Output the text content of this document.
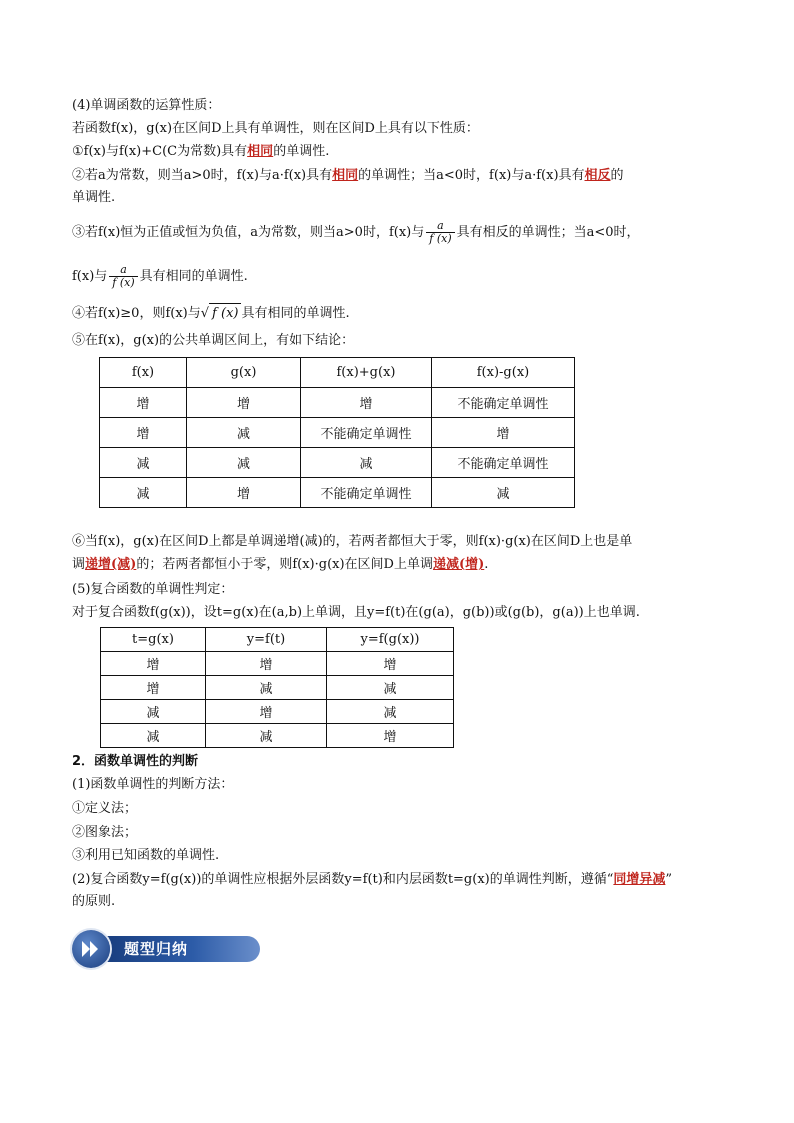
(4)单调函数的运算性质：
若函数f(x)，g(x)在区间D上具有单调性，则在区间D上具有以下性质：
①f(x)与f(x)+C(C为常数)具有相同的单调性.
②若a为常数，则当a>0时，f(x)与a·f(x)具有相同的单调性；当a<0时，f(x)与a·f(x)具有相反的
单调性.
③若f(x)恒为正值或恒为负值，a为常数，则当a>0时，f(x)与 $\frac{a}{f (x)}$ 具有相反的单调性；当a<0时，
f(x)与 $\frac{a}{f (x)}$ 具有相同的单调性.
④若f(x)≥0，则f(x)与√ f (x) 具有相同的单调性.
⑤在f(x)，g(x)的公共单调区间上，有如下结论：
f(x)	g(x)	f(x)+g(x)	f(x)-g(x)
增	增	增	不能确定单调性
增	减	不能确定单调性	增
减	减	减	不能确定单调性
减	增	不能确定单调性	减
⑥当f(x)，g(x)在区间D上都是单调递增(减)的，若两者都恒大于零，则f(x)·g(x)在区间D上也是单
调递增(减)的；若两者都恒小于零，则f(x)·g(x)在区间D上单调递减(增).
(5)复合函数的单调性判定：
对于复合函数f(g(x))，设t=g(x)在(a,b)上单调，且y=f(t)在(g(a)，g(b))或(g(b)，g(a))上也单调.
t=g(x)	y=f(t)	y=f(g(x))
增	增	增
增	减	减
减	增	减
减	减	增
2．函数单调性的判断
(1)函数单调性的判断方法：
①定义法；
②图象法；
③利用已知函数的单调性.
(2)复合函数y=f(g(x))的单调性应根据外层函数y=f(t)和内层函数t=g(x)的单调性判断，遵循“同增异减”
的原则.
题型归纳
